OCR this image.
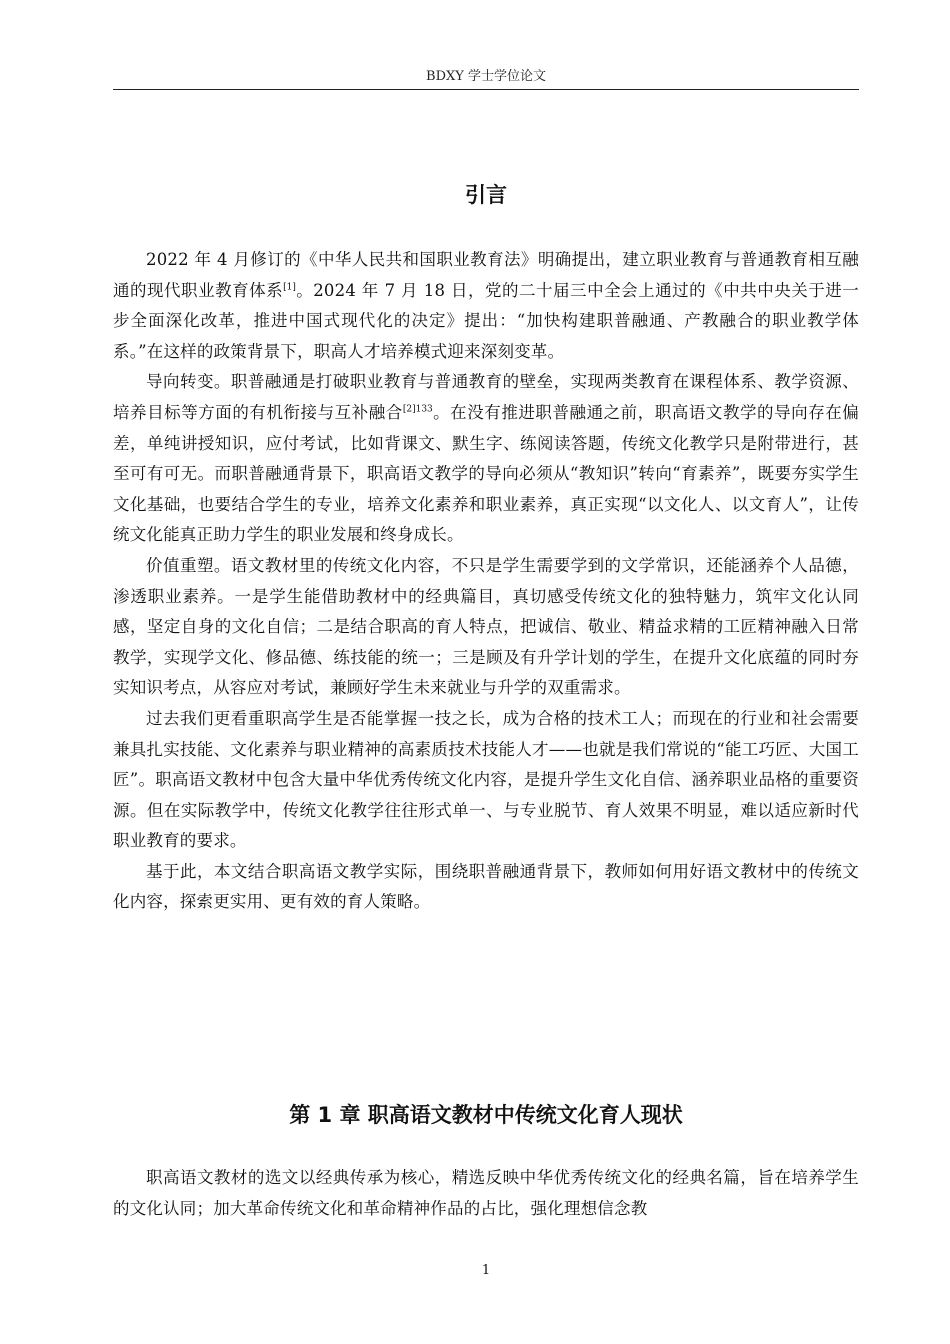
BDXY 学士学位论文
引言

2022 年 4 月修订的《中华人民共和国职业教育法》明确提出，建立职业教育与普通教育相互融通的现代职业教育体系[1]。2024 年 7 月 18 日，党的二十届三中全会上通过的《中共中央关于进一步全面深化改革，推进中国式现代化的决定》提出：“加快构建职普融通、产教融合的职业教学体系。”在这样的政策背景下，职高人才培养模式迎来深刻变革。

导向转变。职普融通是打破职业教育与普通教育的壁垒，实现两类教育在课程体系、教学资源、培养目标等方面的有机衔接与互补融合$^{[2]133}$。在没有推进职普融通之前，职高语文教学的导向存在偏差，单纯讲授知识，应付考试，比如背课文、默生字、练阅读答题，传统文化教学只是附带进行，甚至可有可无。而职普融通背景下，职高语文教学的导向必须从“教知识”转向“育素养”，既要夯实学生文化基础，也要结合学生的专业，培养文化素养和职业素养，真正实现“以文化人、以文育人”，让传统文化能真正助力学生的职业发展和终身成长。

价值重塑。语文教材里的传统文化内容，不只是学生需要学到的文学常识，还能涵养个人品德，渗透职业素养。一是学生能借助教材中的经典篇目，真切感受传统文化的独特魅力，筑牢文化认同感，坚定自身的文化自信；二是结合职高的育人特点，把诚信、敬业、精益求精的工匠精神融入日常教学，实现学文化、修品德、练技能的统一；三是顾及有升学计划的学生，在提升文化底蕴的同时夯实知识考点，从容应对考试，兼顾好学生未来就业与升学的双重需求。

过去我们更看重职高学生是否能掌握一技之长，成为合格的技术工人；而现在的行业和社会需要兼具扎实技能、文化素养与职业精神的高素质技术技能人才——也就是我们常说的“能工巧匠、大国工匠”。职高语文教材中包含大量中华优秀传统文化内容，是提升学生文化自信、涵养职业品格的重要资源。但在实际教学中，传统文化教学往往形式单一、与专业脱节、育人效果不明显，难以适应新时代职业教育的要求。

基于此，本文结合职高语文教学实际，围绕职普融通背景下，教师如何用好语文教材中的传统文化内容，探索更实用、更有效的育人策略。

第 1 章 职高语文教材中传统文化育人现状

职高语文教材的选文以经典传承为核心，精选反映中华优秀传统文化的经典名篇，旨在培养学生的文化认同；加大革命传统文化和革命精神作品的占比，强化理想信念教

1
